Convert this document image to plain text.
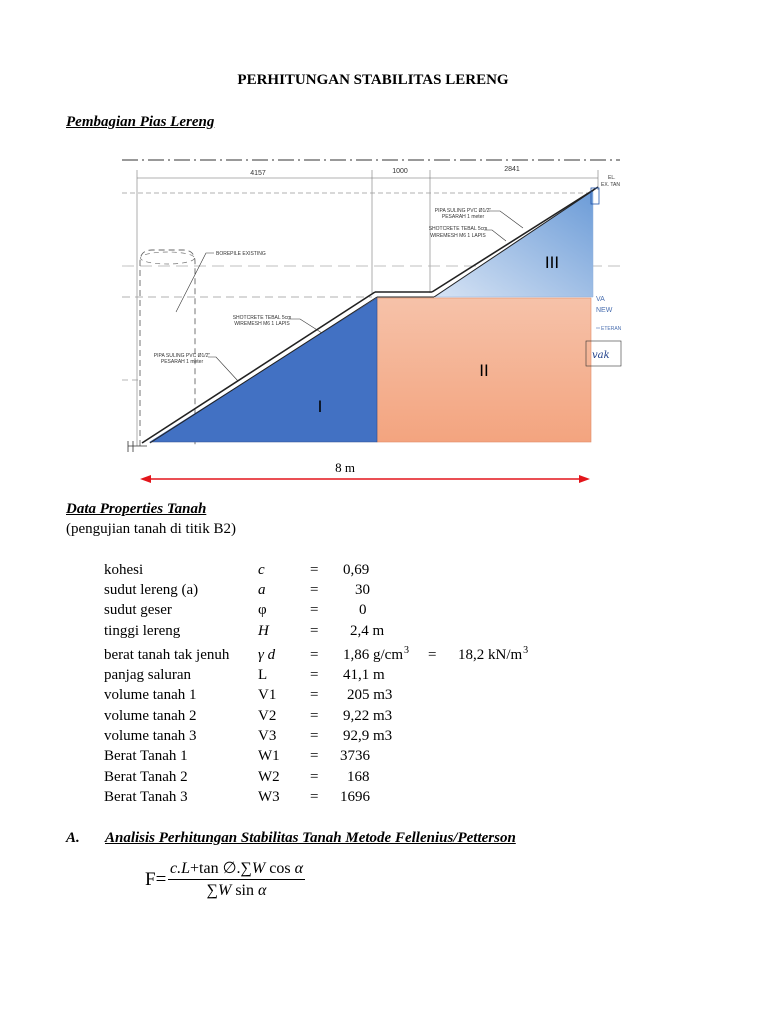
PERHITUNGAN STABILITAS LERENG
Pembagian Pias Lereng
4157	1000	2841
BOREPILE EXISTING
I
II
III
PIPA SULING PVC Ø1/2"
PESARAH 1 meter
SHOTCRETE TEBAL 5cm
WIREMESH M6 1 LAPIS
PIPA SULING PVC Ø1/2"
PESARAH 1 meter
SHOTCRETE TEBAL 5cm
WIREMESH M6 1 LAPIS
EL.
EX. TAN
VA
NEW
ETERAN
vak
8 m
Data Properties Tanah
(pengujian tanah di titik B2)
kohesi	c	= 0,69
sudut lereng (a)	a	= 30
sudut geser	φ	=	0
tinggi lereng	H	= 2,4 m
berat tanah tak jenuh γ d = 1,86 $g/cm^3 = 18,2$ $kN/m^3$
panjag saluran	L	= 41,1 m
volume tanah 1	V1 = 205 m3
volume tanah 2	V2 = 9,22 m3
volume tanah 3	V3 = 92,9 m3
Berat Tanah 1	W1 = 3736
Berat Tanah 2	W2 = 168
Berat Tanah 3	W3 = 1696
A. Analisis Perhitungan Stabilitas Tanah Metode Fellenius/Petterson
$F= \frac{\text{c.L+tan ∅.∑W cos α}}{\text{∑W sin α}}$
